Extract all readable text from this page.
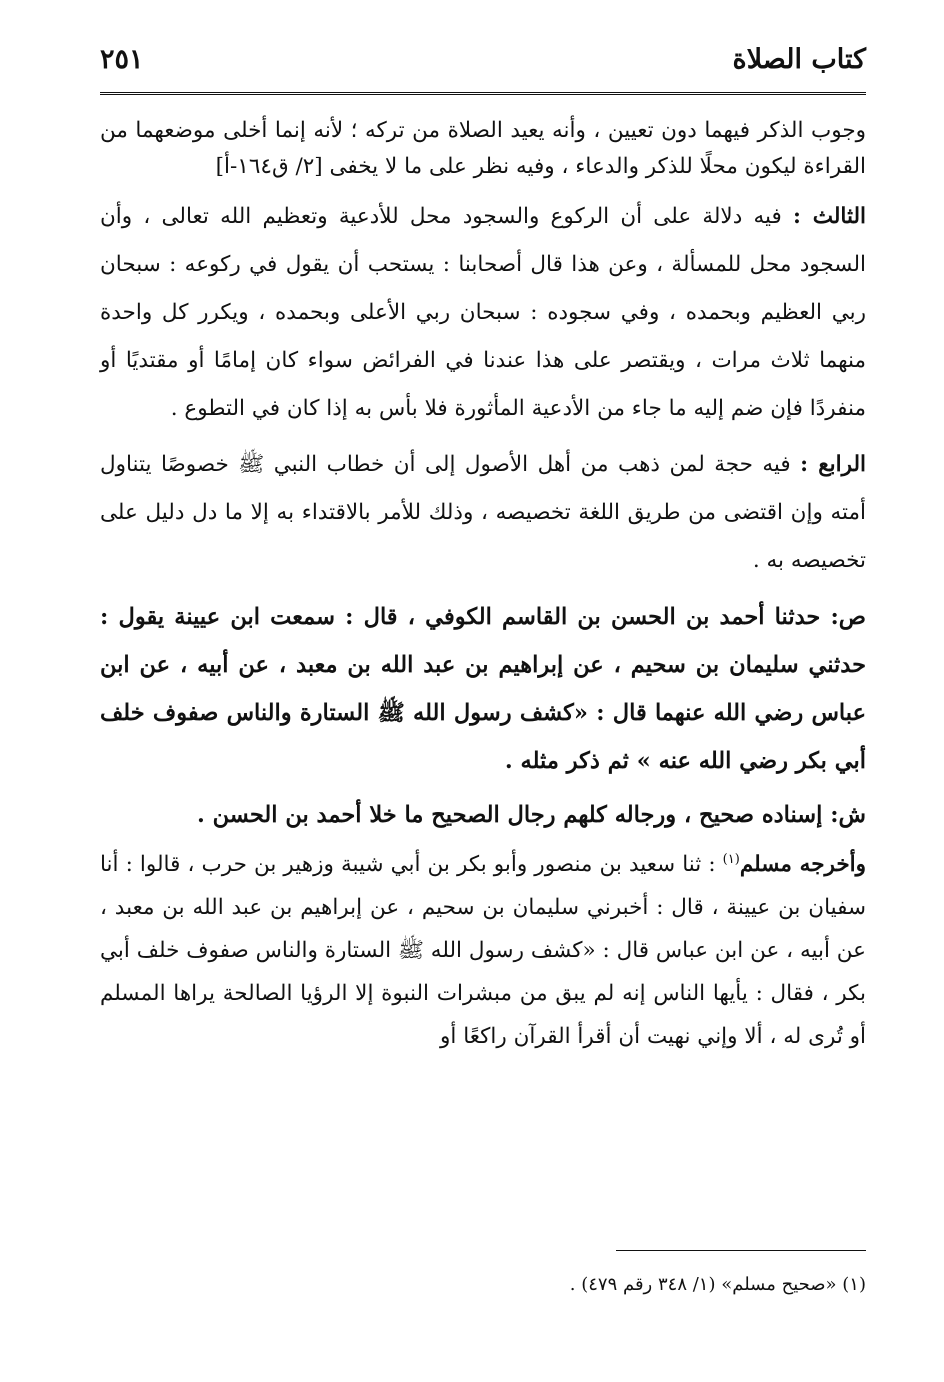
كتاب الصلاة
٢٥١

وجوب الذكر فيهما دون تعيين ، وأنه يعيد الصلاة من تركه ؛ لأنه إنما أخلى موضعهما من القراءة ليكون محلًا للذكر والدعاء ، وفيه نظر على ما لا يخفى [٢/ ق١٦٤-أ]

الثالث : فيه دلالة على أن الركوع والسجود محل للأدعية وتعظيم الله تعالى ، وأن السجود محل للمسألة ، وعن هذا قال أصحابنا : يستحب أن يقول في ركوعه : سبحان ربي العظيم وبحمده ، وفي سجوده : سبحان ربي الأعلى وبحمده ، ويكرر كل واحدة منهما ثلاث مرات ، ويقتصر على هذا عندنا في الفرائض سواء كان إمامًا أو مقتديًا أو منفردًا فإن ضم إليه ما جاء من الأدعية المأثورة فلا بأس به إذا كان في التطوع .

الرابع : فيه حجة لمن ذهب من أهل الأصول إلى أن خطاب النبي ﷺ خصوصًا يتناول أمته وإن اقتضى من طريق اللغة تخصيصه ، وذلك للأمر بالاقتداء به إلا ما دل دليل على تخصيصه به .

ص: حدثنا أحمد بن الحسن بن القاسم الكوفي ، قال : سمعت ابن عيينة يقول : حدثني سليمان بن سحيم ، عن إبراهيم بن عبد الله بن معبد ، عن أبيه ، عن ابن عباس رضي الله عنهما قال : «كشف رسول الله ﷺ الستارة والناس صفوف خلف أبي بكر رضي الله عنه » ثم ذكر مثله .

ش: إسناده صحيح ، ورجاله كلهم رجال الصحيح ما خلا أحمد بن الحسن .

وأخرجه مسلم$^{(١)}$ : ثنا سعيد بن منصور وأبو بكر بن أبي شيبة وزهير بن حرب ، قالوا : أنا سفيان بن عيينة ، قال : أخبرني سليمان بن سحيم ، عن إبراهيم بن عبد الله بن معبد ، عن أبيه ، عن ابن عباس قال : «كشف رسول الله ﷺ الستارة والناس صفوف خلف أبي بكر ، فقال : يأيها الناس إنه لم يبق من مبشرات النبوة إلا الرؤيا الصالحة يراها المسلم أو تُرى له ، ألا وإني نهيت أن أقرأ القرآن راكعًا أو

(١) «صحيح مسلم» (١/ ٣٤٨ رقم ٤٧٩) .
